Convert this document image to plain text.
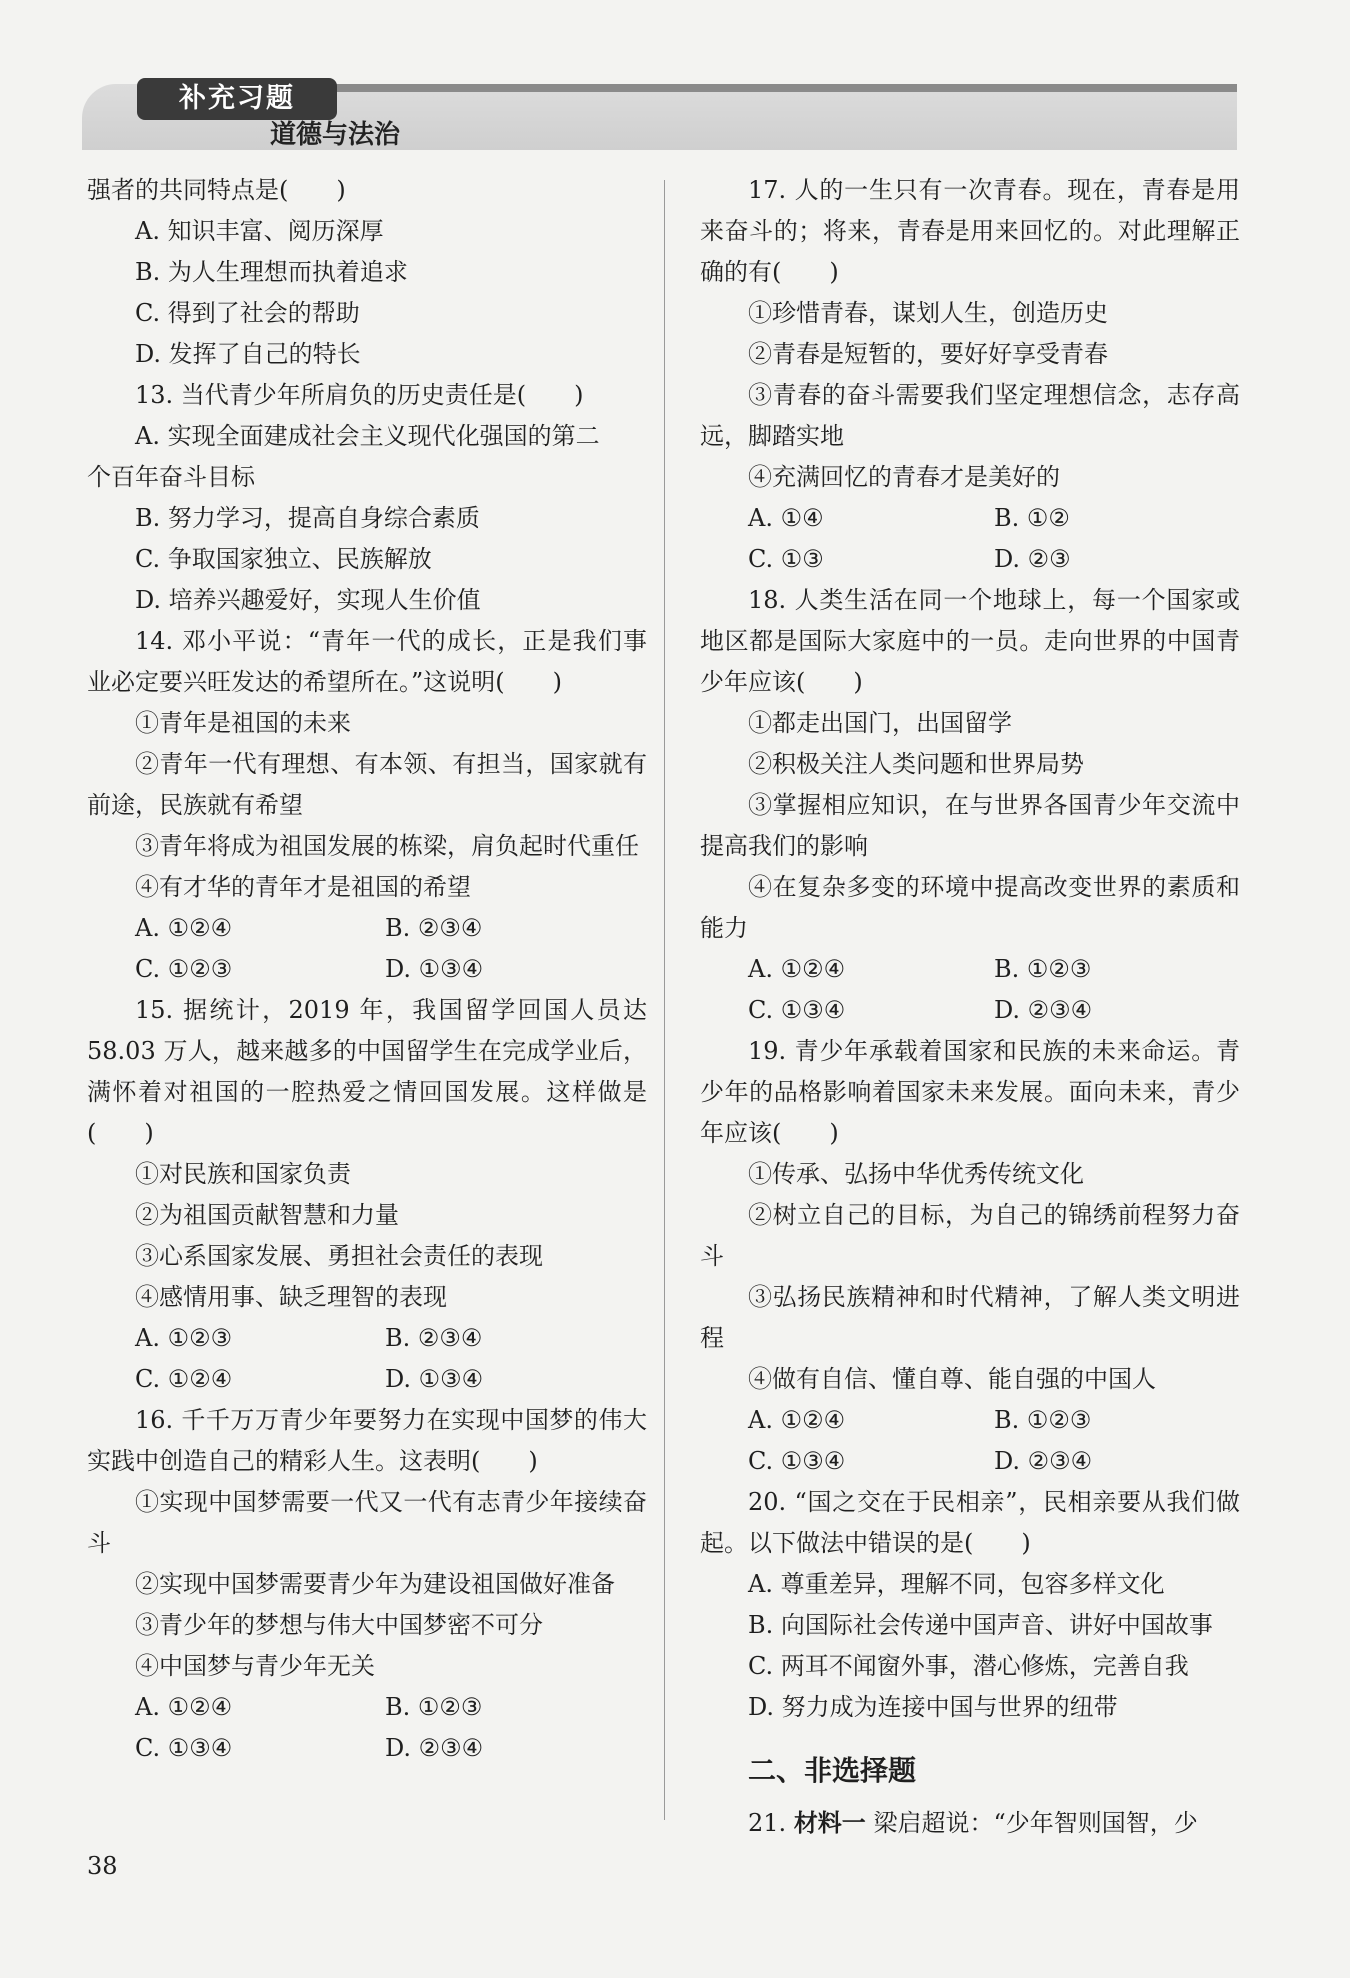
补充习题
道德与法治

强者的共同特点是(　　)

A. 知识丰富、阅历深厚

B. 为人生理想而执着追求

C. 得到了社会的帮助

D. 发挥了自己的特长

13. 当代青少年所肩负的历史责任是(　　)

A. 实现全面建成社会主义现代化强国的第二

个百年奋斗目标

B. 努力学习，提高自身综合素质

C. 争取国家独立、民族解放

D. 培养兴趣爱好，实现人生价值

14. 邓小平说：“青年一代的成长，正是我们事业必定要兴旺发达的希望所在。”这说明(　　)

①青年是祖国的未来

②青年一代有理想、有本领、有担当，国家就有前途，民族就有希望

③青年将成为祖国发展的栋梁，肩负起时代重任

④有才华的青年才是祖国的希望

A. ①②④	B. ②③④
C. ①②③	D. ①③④

15. 据统计，2019 年，我国留学回国人员达 58.03 万人，越来越多的中国留学生在完成学业后，满怀着对祖国的一腔热爱之情回国发展。这样做是(　　)

①对民族和国家负责

②为祖国贡献智慧和力量

③心系国家发展、勇担社会责任的表现

④感情用事、缺乏理智的表现

A. ①②③	B. ②③④
C. ①②④	D. ①③④

16. 千千万万青少年要努力在实现中国梦的伟大实践中创造自己的精彩人生。这表明(　　)

①实现中国梦需要一代又一代有志青少年接续奋斗

②实现中国梦需要青少年为建设祖国做好准备

③青少年的梦想与伟大中国梦密不可分

④中国梦与青少年无关

A. ①②④	B. ①②③
C. ①③④	D. ②③④

17. 人的一生只有一次青春。现在，青春是用来奋斗的；将来，青春是用来回忆的。对此理解正确的有(　　)

①珍惜青春，谋划人生，创造历史

②青春是短暂的，要好好享受青春

③青春的奋斗需要我们坚定理想信念，志存高远，脚踏实地

④充满回忆的青春才是美好的

A. ①④	B. ①②
C. ①③	D. ②③

18. 人类生活在同一个地球上，每一个国家或地区都是国际大家庭中的一员。走向世界的中国青少年应该(　　)

①都走出国门，出国留学

②积极关注人类问题和世界局势

③掌握相应知识，在与世界各国青少年交流中提高我们的影响

④在复杂多变的环境中提高改变世界的素质和能力

A. ①②④	B. ①②③
C. ①③④	D. ②③④

19. 青少年承载着国家和民族的未来命运。青少年的品格影响着国家未来发展。面向未来，青少年应该(　　)

①传承、弘扬中华优秀传统文化

②树立自己的目标，为自己的锦绣前程努力奋斗

③弘扬民族精神和时代精神，了解人类文明进程

④做有自信、懂自尊、能自强的中国人

A. ①②④	B. ①②③
C. ①③④	D. ②③④

20. “国之交在于民相亲”，民相亲要从我们做起。以下做法中错误的是(　　)

A. 尊重差异，理解不同，包容多样文化

B. 向国际社会传递中国声音、讲好中国故事

C. 两耳不闻窗外事，潜心修炼，完善自我

D. 努力成为连接中国与世界的纽带

二、非选择题

21. 材料一 梁启超说：“少年智则国智，少

38
